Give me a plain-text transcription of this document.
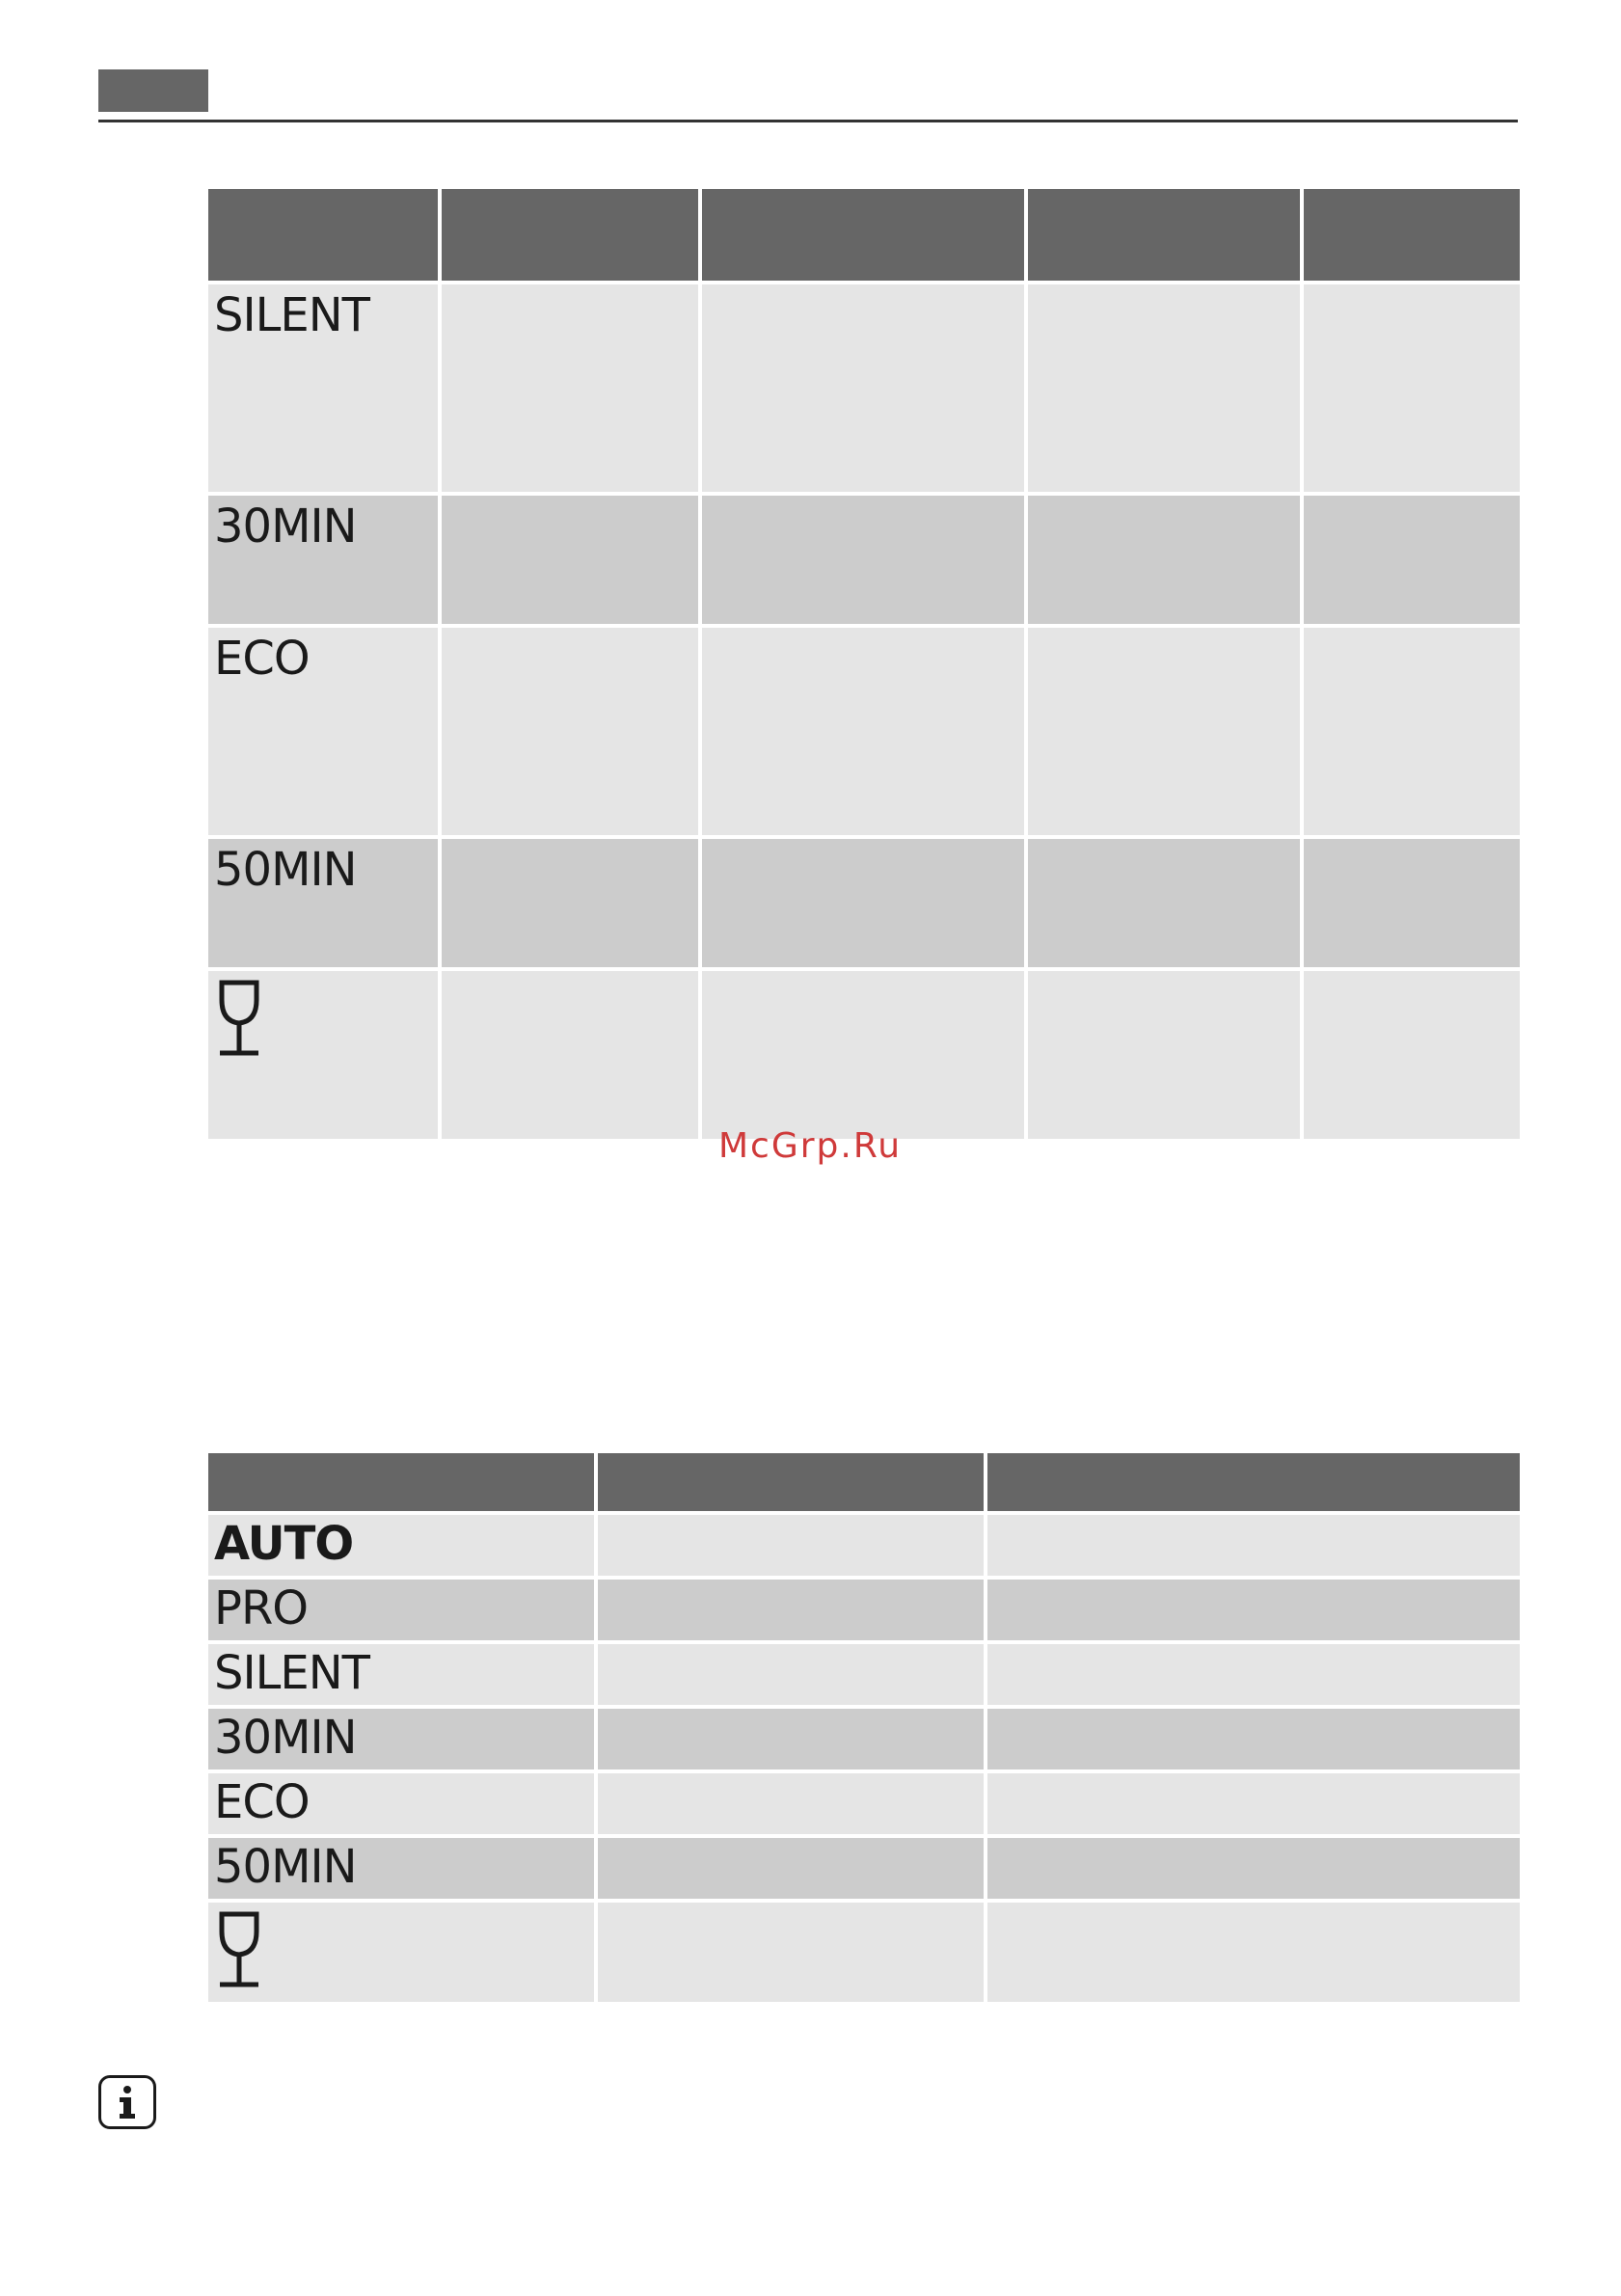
SILENT				

30MIN				

ECO				

50MIN				

McGrp.Ru

AUTO		

PRO		

SILENT		

30MIN		

ECO		

50MIN		
